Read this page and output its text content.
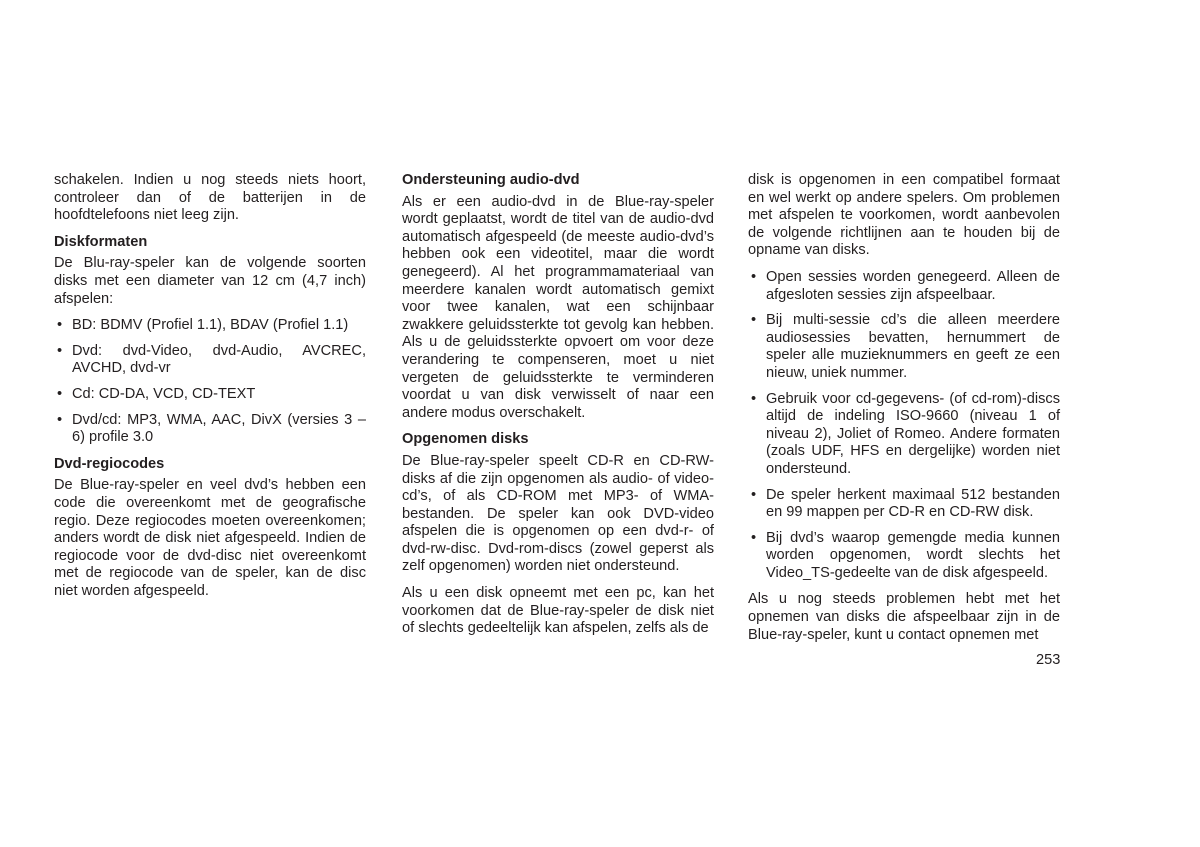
schakelen. Indien u nog steeds niets hoort, controleer dan of de batterijen in de hoofdtelefoons niet leeg zijn.

Diskformaten

De Blu-ray-speler kan de volgende soorten disks met een diameter van 12 cm (4,7 inch) afspelen:

• BD: BDMV (Profiel 1.1), BDAV (Profiel 1.1)
• Dvd: dvd-Video, dvd-Audio, AVCREC, AVCHD, dvd-vr
• Cd: CD-DA, VCD, CD-TEXT
• Dvd/cd: MP3, WMA, AAC, DivX (versies 3 – 6) profile 3.0
Dvd-regiocodes

De Blue-ray-speler en veel dvd’s hebben een code die overeenkomt met de geografische regio. Deze regiocodes moeten overeenkomen; anders wordt de disk niet afgespeeld. Indien de regiocode voor de dvd-disc niet overeenkomt met de regiocode van de speler, kan de disc niet worden afgespeeld.

Ondersteuning audio-dvd

Als er een audio-dvd in de Blue-ray-speler wordt geplaatst, wordt de titel van de audio-dvd automatisch afgespeeld (de meeste audio-dvd’s hebben ook een videotitel, maar die wordt genegeerd). Al het programmamateriaal van meerdere kanalen wordt automatisch gemixt voor twee kanalen, wat een schijnbaar zwakkere geluidssterkte tot gevolg kan hebben. Als u de geluidssterkte opvoert om voor deze verandering te compenseren, moet u niet vergeten de geluidssterkte te verminderen voordat u van disk verwisselt of naar een andere modus overschakelt.

Opgenomen disks

De Blue-ray-speler speelt CD-R en CD-RW-disks af die zijn opgenomen als audio- of video-cd’s, of als CD-ROM met MP3- of WMA-bestanden. De speler kan ook DVD-video afspelen die is opgenomen op een dvd-r- of dvd-rw-disc. Dvd-rom-discs (zowel geperst als zelf opgenomen) worden niet ondersteund.

Als u een disk opneemt met een pc, kan het voorkomen dat de Blue-ray-speler de disk niet of slechts gedeeltelijk kan afspelen, zelfs als de

disk is opgenomen in een compatibel formaat en wel werkt op andere spelers. Om problemen met afspelen te voorkomen, wordt aanbevolen de volgende richtlijnen aan te houden bij de opname van disks.

• Open sessies worden genegeerd. Alleen de afgesloten sessies zijn afspeelbaar.
• Bij multi-sessie cd’s die alleen meerdere audiosessies bevatten, hernummert de speler alle muzieknummers en geeft ze een nieuw, uniek nummer.
• Gebruik voor cd-gegevens- (of cd-rom)-discs altijd de indeling ISO-9660 (niveau 1 of niveau 2), Joliet of Romeo. Andere formaten (zoals UDF, HFS en dergelijke) worden niet ondersteund.
• De speler herkent maximaal 512 bestanden en 99 mappen per CD-R en CD-RW disk.
• Bij dvd’s waarop gemengde media kunnen worden opgenomen, wordt slechts het Video_TS-gedeelte van de disk afgespeeld.

Als u nog steeds problemen hebt met het opnemen van disks die afspeelbaar zijn in de Blue-ray-speler, kunt u contact opnemen met

253
